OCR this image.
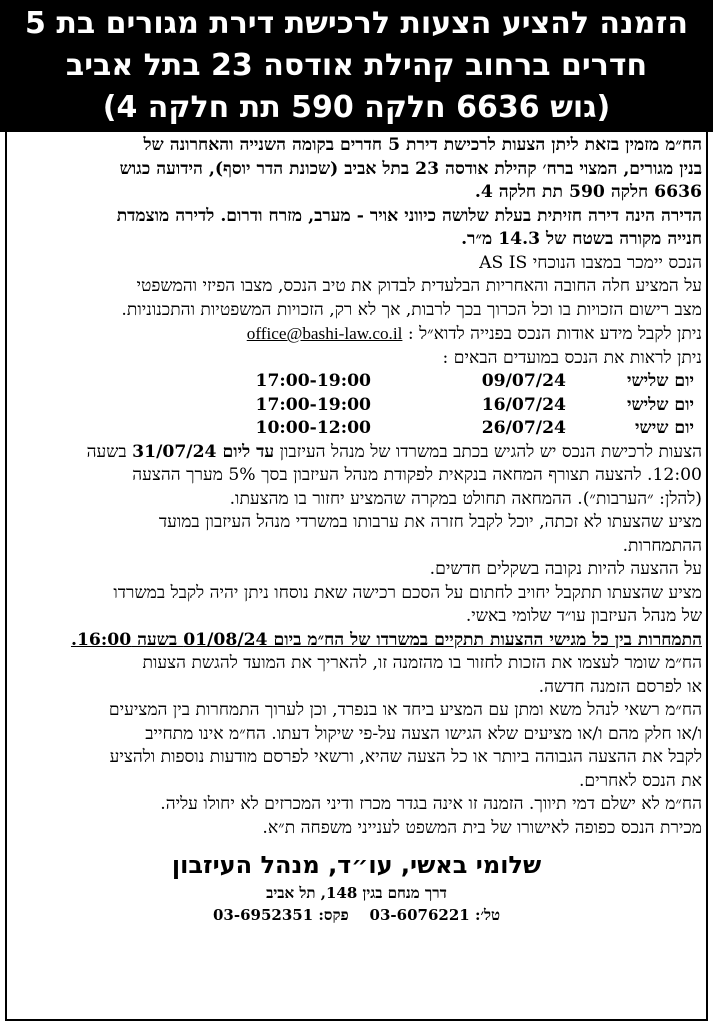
הזמנה להציע הצעות לרכישת דירת מגורים בת 5
חדרים ברחוב קהילת אודסה 23 בתל אביב
(גוש 6636 חלקה 590 תת חלקה 4)
הח״מ מזמין בזאת ליתן הצעות לרכישת דירת 5 חדרים בקומה השנייה והאחרונה של
בנין מגורים, המצוי ברח׳ קהילת אודסה 23 בתל אביב (שכונת הדר יוסף), הידועה כגוש
6636 חלקה 590 תת חלקה 4.
הדירה הינה דירה חזיתית בעלת שלושה כיווני אויר - מערב, מזרח ודרום. לדירה מוצמדת
חנייה מקורה בשטח של 14.3 מ״ר.
הנכס יימכר במצבו הנוכחי AS IS
על המציע חלה החובה והאחריות הבלעדית לבדוק את טיב הנכס, מצבו הפיזי והמשפטי
מצב רישום הזכויות בו וכל הכרוך בכך לרבות, אך לא רק, הזכויות המשפטיות והתכנוניות.
ניתן לקבל מידע אודות הנכס בפנייה לדוא״ל : office@bashi-law.co.il
ניתן לראות את הנכס במועדים הבאים :
יום שלישי	09/07/24	17:00-19:00
יום שלישי	16/07/24	17:00-19:00
יום שישי	26/07/24	10:00-12:00
הצעות לרכישת הנכס יש להגיש בכתב במשרדו של מנהל העיזבון עד ליום 31/07/24 בשעה
12:00. להצעה תצורף המחאה בנקאית לפקודת מנהל העיזבון בסך 5% מערך ההצעה
(להלן: ״הערבות״). ההמחאה תחולט במקרה שהמציע יחזור בו מהצעתו.
מציע שהצעתו לא זכתה, יוכל לקבל חזרה את ערבותו במשרדי מנהל העיזבון במועד
ההתמחרות.
על ההצעה להיות נקובה בשקלים חדשים.
מציע שהצעתו תתקבל יחויב לחתום על הסכם רכישה שאת נוסחו ניתן יהיה לקבל במשרדו
של מנהל העיזבון עו״ד שלומי באשי.
התמחרות בין כל מגישי ההצעות תתקיים במשרדו של הח״מ ביום 01/08/24 בשעה 16:00.
הח״מ שומר לעצמו את הזכות לחזור בו מהזמנה זו, להאריך את המועד להגשת הצעות
או לפרסם הזמנה חדשה.
הח״מ רשאי לנהל משא ומתן עם המציע ביחד או בנפרד, וכן לערוך התמחרות בין המציעים
ו/או חלק מהם ו/או מציעים שלא הגישו הצעה על-פי שיקול דעתו. הח״מ אינו מתחייב
לקבל את ההצעה הגבוהה ביותר או כל הצעה שהיא, ורשאי לפרסם מודעות נוספות ולהציע
את הנכס לאחרים.
הח״מ לא ישלם דמי תיווך. הזמנה זו אינה בגדר מכרז ודיני המכרזים לא יחולו עליה.
מכירת הנכס כפופה לאישורו של בית המשפט לענייני משפחה ת״א.
שלומי באשי, עו״ד, מנהל העיזבון
דרך מנחם בגין 148, תל אביב
טל׳: 03-6076221    פקס: 03-6952351
